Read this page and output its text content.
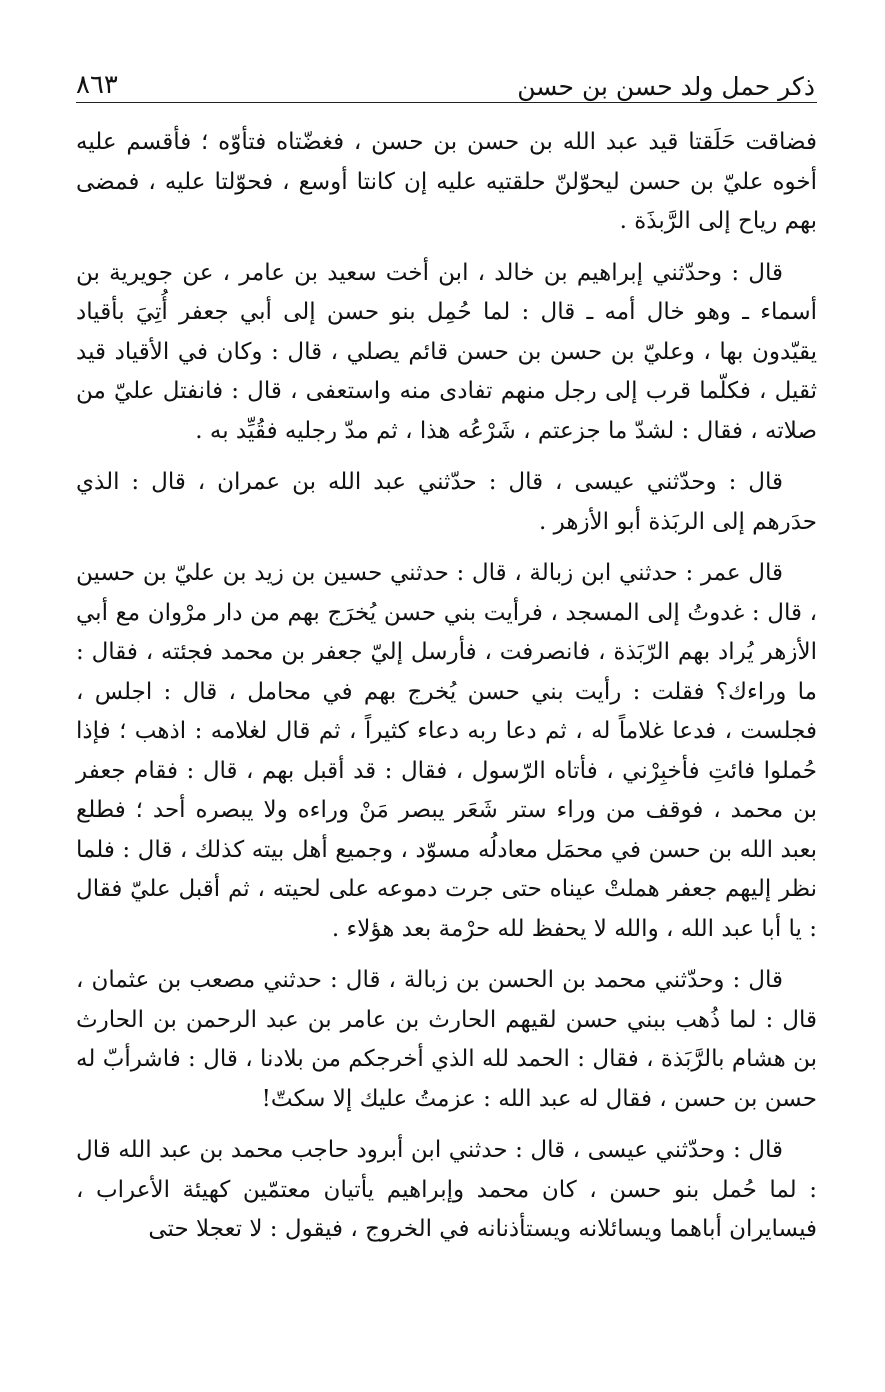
ذكر حمل ولد حسن بن حسن
٨٦٣

فضاقت حَلَقتا قيد عبد الله بن حسن بن حسن ، فغضّتاه فتأوّه ؛ فأقسم عليه أخوه عليّ بن حسن ليحوّلنّ حلقتيه عليه إن كانتا أوسع ، فحوّلتا عليه ، فمضى بهم رياح إلى الرَّبذَة .

قال : وحدّثني إبراهيم بن خالد ، ابن أخت سعيد بن عامر ، عن جويرية بن أسماء ـ وهو خال أمه ـ قال : لما حُمِل بنو حسن إلى أبي جعفر أُتِيَ بأقياد يقيّدون بها ، وعليّ بن حسن بن حسن قائم يصلي ، قال : وكان في الأقياد قيد ثقيل ، فكلّما قرب إلى رجل منهم تفادى منه واستعفى ، قال : فانفتل عليّ من صلاته ، فقال : لشدّ ما جزعتم ، شَرْعُه هذا ، ثم مدّ رجليه فقُيِّد به .

قال : وحدّثني عيسى ، قال : حدّثني عبد الله بن عمران ، قال : الذي حدَرهم إلى الربَذة أبو الأزهر .

قال عمر : حدثني ابن زبالة ، قال : حدثني حسين بن زيد بن عليّ بن حسين ، قال : غدوتُ إلى المسجد ، فرأيت بني حسن يُخرَج بهم من دار مرْوان مع أبي الأزهر يُراد بهم الرّبَذة ، فانصرفت ، فأرسل إليّ جعفر بن محمد فجئته ، فقال : ما وراءك؟ فقلت : رأيت بني حسن يُخرج بهم في محامل ، قال : اجلس ، فجلست ، فدعا غلاماً له ، ثم دعا ربه دعاء كثيراً ، ثم قال لغلامه : اذهب ؛ فإذا حُملوا فائتِ فأخبِرْني ، فأتاه الرّسول ، فقال : قد أقبل بهم ، قال : فقام جعفر بن محمد ، فوقف من وراء ستر شَعَر يبصر مَنْ وراءه ولا يبصره أحد ؛ فطلع بعبد الله بن حسن في محمَل معادلُه مسوّد ، وجميع أهل بيته كذلك ، قال : فلما نظر إليهم جعفر هملتْ عيناه حتى جرت دموعه على لحيته ، ثم أقبل عليّ فقال : يا أبا عبد الله ، والله لا يحفظ لله حرْمة بعد هؤلاء .

قال : وحدّثني محمد بن الحسن بن زبالة ، قال : حدثني مصعب بن عثمان ، قال : لما ذُهب ببني حسن لقيهم الحارث بن عامر بن عبد الرحمن بن الحارث بن هشام بالرَّبَذة ، فقال : الحمد لله الذي أخرجكم من بلادنا ، قال : فاشرأبّ له حسن بن حسن ، فقال له عبد الله : عزمتُ عليك إلا سكتّ!

قال : وحدّثني عيسى ، قال : حدثني ابن أبرود حاجب محمد بن عبد الله قال : لما حُمل بنو حسن ، كان محمد وإبراهيم يأتيان معتمّين كهيئة الأعراب ، فيسايران أباهما ويسائلانه ويستأذنانه في الخروج ، فيقول : لا تعجلا حتى
